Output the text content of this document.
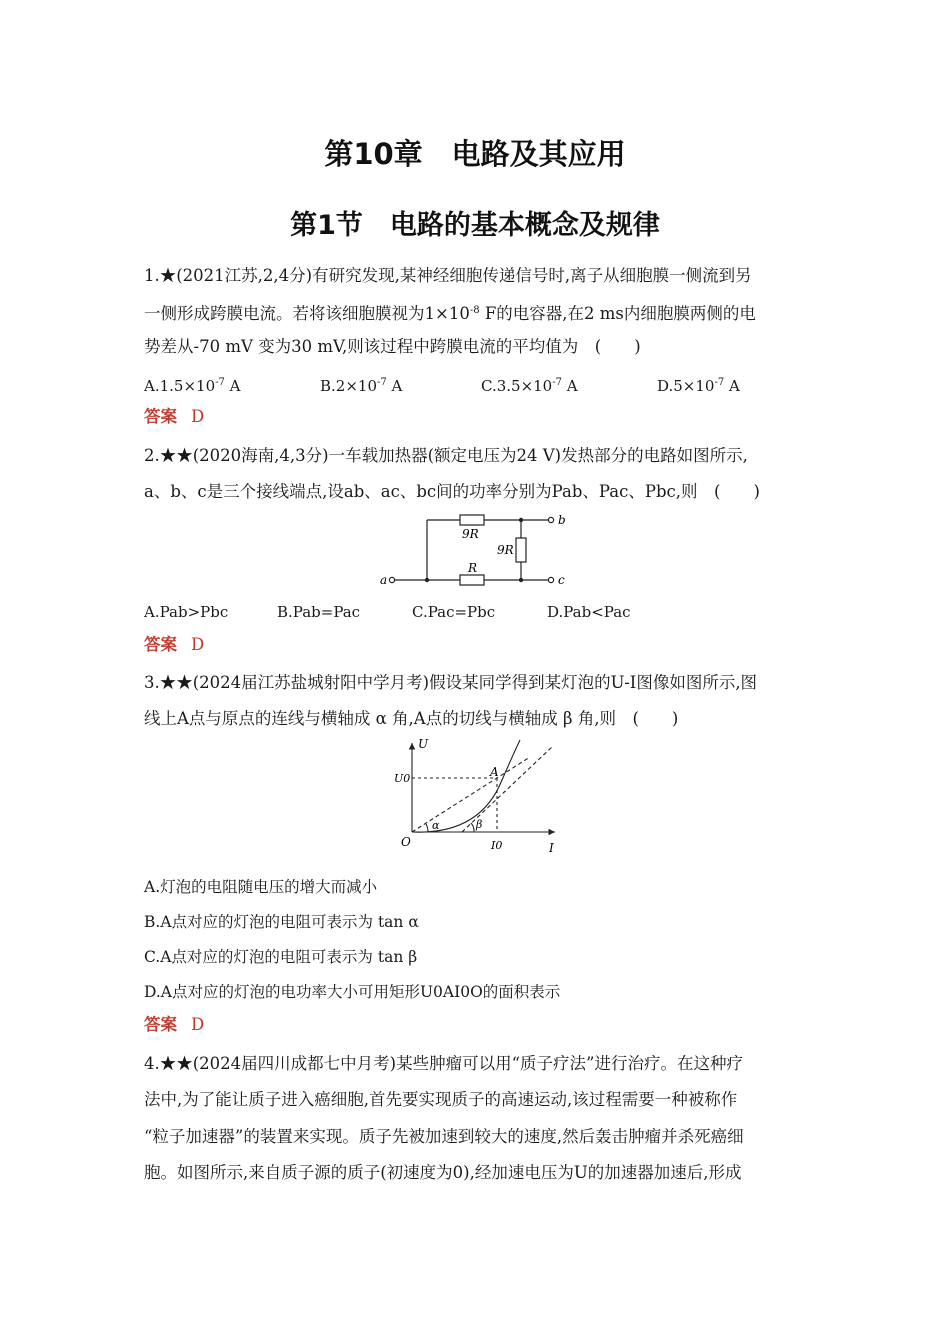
第10章　电路及其应用
第1节　电路的基本概念及规律
1.★(2021江苏,2,4分)有研究发现,某神经细胞传递信号时,离子从细胞膜一侧流到另
一侧形成跨膜电流。若将该细胞膜视为$1\times 10^{-8}$ F的电容器,在2 ms内细胞膜两侧的电
势差从-70 mV 变为30 mV,则该过程中跨膜电流的平均值为　(　　)
$A.1.5\times 10^{-7}$ A	$B.2\times 10^{-7}$ A	$C.3.5\times 10^{-7}$ A	$D.5\times 10^{-7}$ A
答案 D
2.★★(2020海南,4,3分)一车载加热器(额定电压为24 V)发热部分的电路如图所示,
a、b、c是三个接线端点,设ab、ac、bc间的功率分别为Pab、Pac、Pbc,则　(　　)
9R
9R
R
a
b
c
A.Pab>Pbc	B.Pab=Pac	C.Pac=Pbc	D.Pab<Pac
答案 D
3.★★(2024届江苏盐城射阳中学月考)假设某同学得到某灯泡的U-I图像如图所示,图
线上A点与原点的连线与横轴成 α 角,A点的切线与横轴成 β 角,则　(　　)
U
I
O
U0
I0
A
α	β
A.灯泡的电阻随电压的增大而减小
B.A点对应的灯泡的电阻可表示为 tan α
C.A点对应的灯泡的电阻可表示为 tan β
D.A点对应的灯泡的电功率大小可用矩形U0AI0O的面积表示
答案 D
4.★★(2024届四川成都七中月考)某些肿瘤可以用“质子疗法”进行治疗。在这种疗
法中,为了能让质子进入癌细胞,首先要实现质子的高速运动,该过程需要一种被称作
“粒子加速器”的装置来实现。质子先被加速到较大的速度,然后轰击肿瘤并杀死癌细
胞。如图所示,来自质子源的质子(初速度为0),经加速电压为U的加速器加速后,形成
